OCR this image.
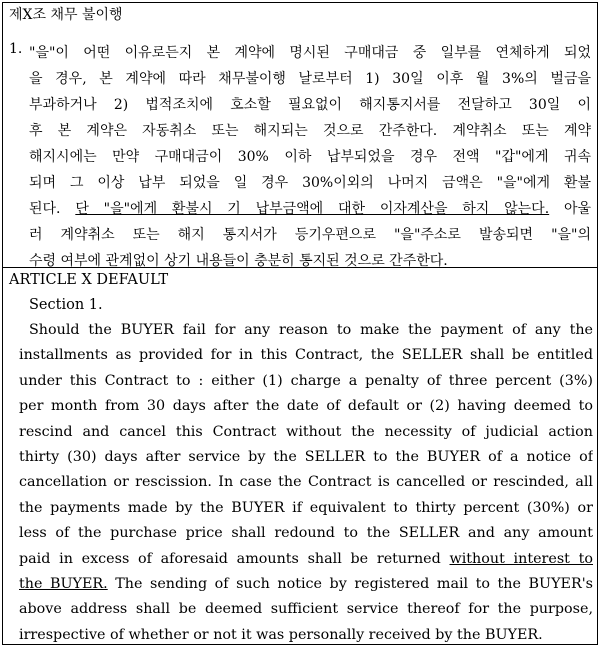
제X조 채무 불이행
1. "을"이 어떤 이유로든지 본 계약에 명시된 구매대금 중 일부를 연체하게 되었
을 경우, 본 계약에 따라 채무불이행 날로부터 1) 30일 이후 월 3%의 벌금을
부과하거나 2) 법적조치에 호소할 필요없이 해지통지서를 전달하고 30일 이
후 본 계약은 자동취소 또는 해지되는 것으로 간주한다. 계약취소 또는 계약
해지시에는 만약 구매대금이 30% 이하 납부되었을 경우 전액 "갑"에게 귀속
되며 그 이상 납부 되었을 일 경우 30%이외의 나머지 금액은 "을"에게 환불
된다. 단 "을"에게 환불시 기 납부금액에 대한 이자계산을 하지 않는다. 아울
러 계약취소 또는 해지 통지서가 등기우편으로 "을"주소로 발송되면 "을"의
수령 여부에 관계없이 상기 내용들이 충분히 통지된 것으로 간주한다.
ARTICLE X DEFAULT
Section 1.
Should the BUYER fail for any reason to make the payment of any the
installments as provided for in this Contract, the SELLER shall be entitled
under this Contract to : either (1) charge a penalty of three percent (3%)
per month from 30 days after the date of default or (2) having deemed to
rescind and cancel this Contract without the necessity of judicial action
thirty (30) days after service by the SELLER to the BUYER of a notice of
cancellation or rescission. In case the Contract is cancelled or rescinded, all
the payments made by the BUYER if equivalent to thirty percent (30%) or
less of the purchase price shall redound to the SELLER and any amount
paid in excess of aforesaid amounts shall be returned without interest to
the BUYER. The sending of such notice by registered mail to the BUYER's
above address shall be deemed sufficient service thereof for the purpose,
irrespective of whether or not it was personally received by the BUYER.
